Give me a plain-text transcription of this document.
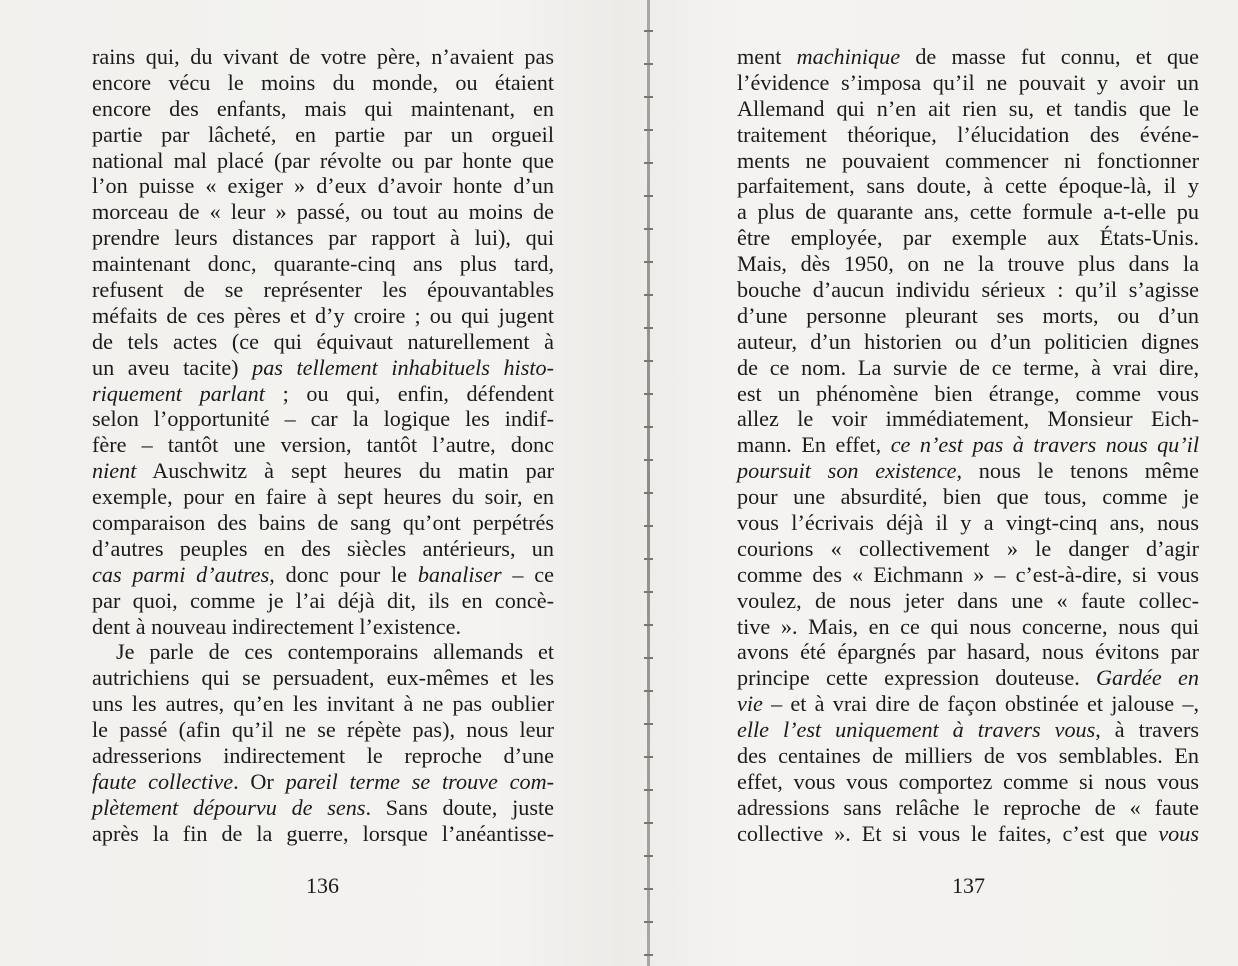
rains qui, du vivant de votre père, n’avaient pas
encore vécu le moins du monde, ou étaient
encore des enfants, mais qui maintenant, en
partie par lâcheté, en partie par un orgueil
national mal placé (par révolte ou par honte que
l’on puisse « exiger » d’eux d’avoir honte d’un
morceau de « leur » passé, ou tout au moins de
prendre leurs distances par rapport à lui), qui
maintenant donc, quarante-cinq ans plus tard,
refusent de se représenter les épouvantables
méfaits de ces pères et d’y croire ; ou qui jugent
de tels actes (ce qui équivaut naturellement à
un aveu tacite) pas tellement inhabituels histo-
riquement parlant ; ou qui, enfin, défendent
selon l’opportunité – car la logique les indif-
fère – tantôt une version, tantôt l’autre, donc
nient Auschwitz à sept heures du matin par
exemple, pour en faire à sept heures du soir, en
comparaison des bains de sang qu’ont perpétrés
d’autres peuples en des siècles antérieurs, un
cas parmi d’autres, donc pour le banaliser – ce
par quoi, comme je l’ai déjà dit, ils en concè-
dent à nouveau indirectement l’existence.
Je parle de ces contemporains allemands et
autrichiens qui se persuadent, eux-mêmes et les
uns les autres, qu’en les invitant à ne pas oublier
le passé (afin qu’il ne se répète pas), nous leur
adresserions indirectement le reproche d’une
faute collective. Or pareil terme se trouve com-
plètement dépourvu de sens. Sans doute, juste
après la fin de la guerre, lorsque l’anéantisse-
136
ment machinique de masse fut connu, et que
l’évidence s’imposa qu’il ne pouvait y avoir un
Allemand qui n’en ait rien su, et tandis que le
traitement théorique, l’élucidation des événe-
ments ne pouvaient commencer ni fonctionner
parfaitement, sans doute, à cette époque-là, il y
a plus de quarante ans, cette formule a-t-elle pu
être employée, par exemple aux États-Unis.
Mais, dès 1950, on ne la trouve plus dans la
bouche d’aucun individu sérieux : qu’il s’agisse
d’une personne pleurant ses morts, ou d’un
auteur, d’un historien ou d’un politicien dignes
de ce nom. La survie de ce terme, à vrai dire,
est un phénomène bien étrange, comme vous
allez le voir immédiatement, Monsieur Eich-
mann. En effet, ce n’est pas à travers nous qu’il
poursuit son existence, nous le tenons même
pour une absurdité, bien que tous, comme je
vous l’écrivais déjà il y a vingt-cinq ans, nous
courions « collectivement » le danger d’agir
comme des « Eichmann » – c’est-à-dire, si vous
voulez, de nous jeter dans une « faute collec-
tive ». Mais, en ce qui nous concerne, nous qui
avons été épargnés par hasard, nous évitons par
principe cette expression douteuse. Gardée en
vie – et à vrai dire de façon obstinée et jalouse –,
elle l’est uniquement à travers vous, à travers
des centaines de milliers de vos semblables. En
effet, vous vous comportez comme si nous vous
adressions sans relâche le reproche de « faute
collective ». Et si vous le faites, c’est que vous
137
